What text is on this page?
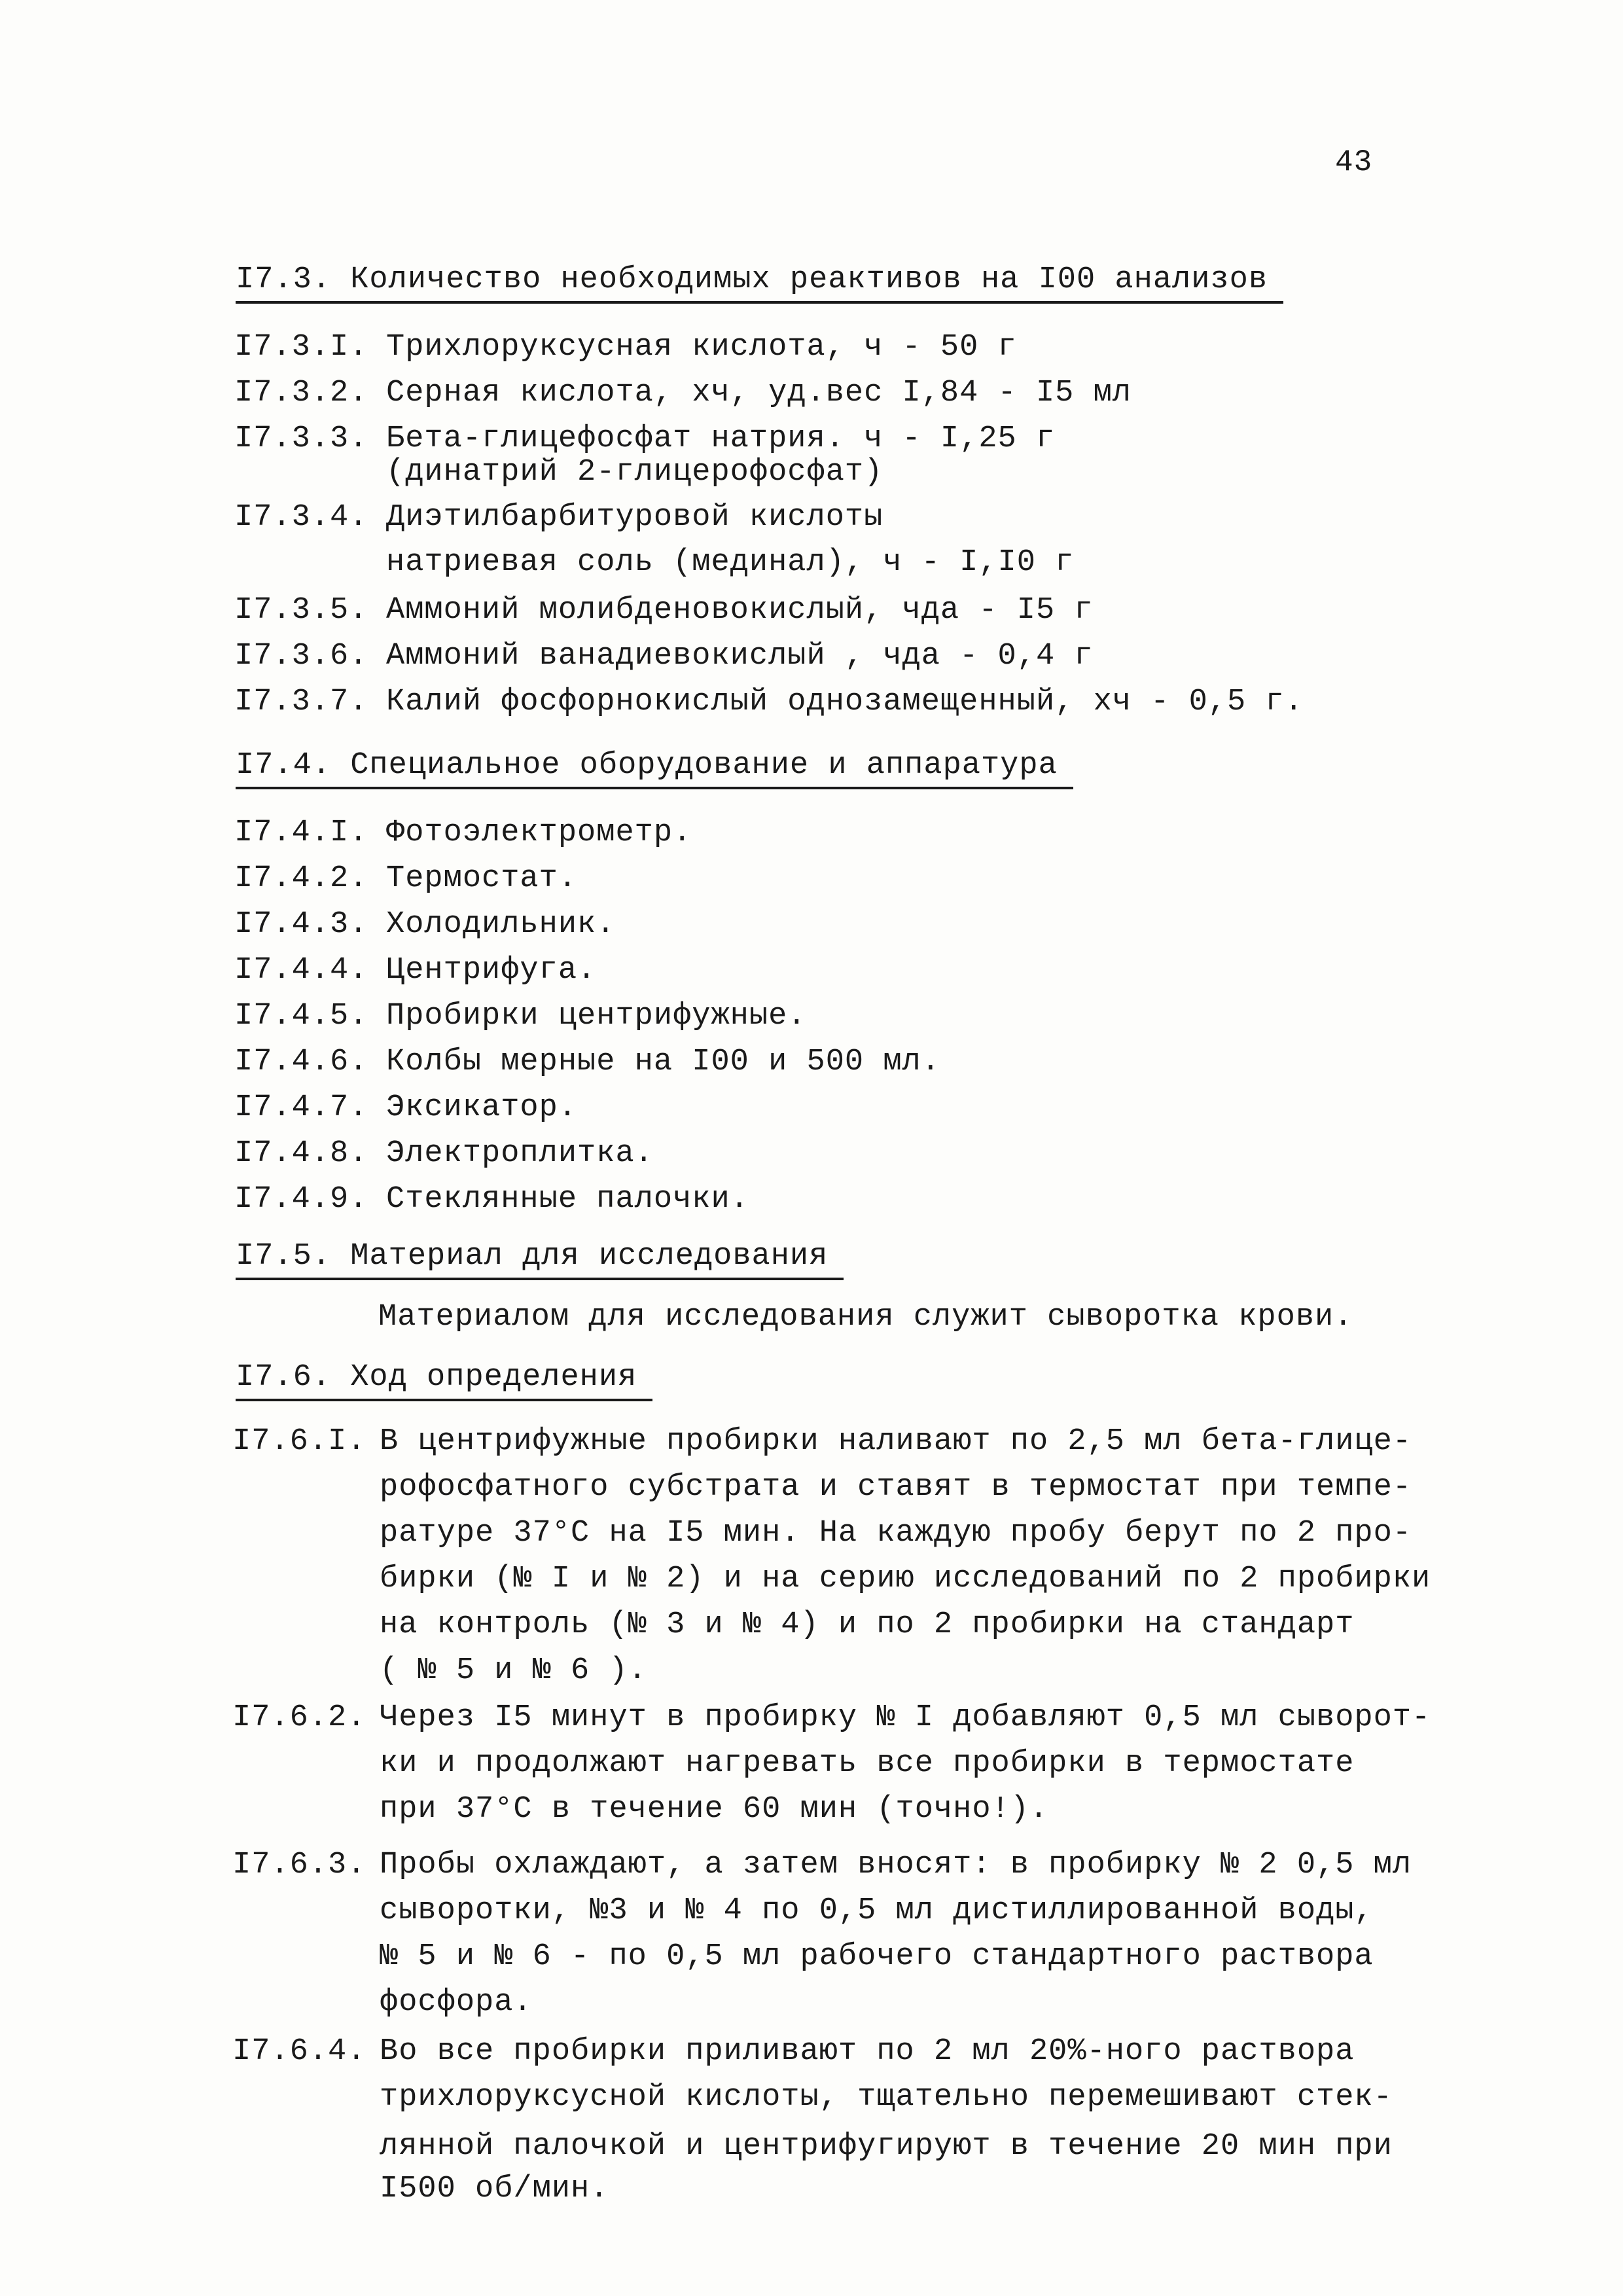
43
I7.3. Количество необходимых реактивов на I00 анализов
I7.3.I. Трихлоруксусная кислота, ч - 50 г
I7.3.2. Серная кислота, хч, уд.вес I,84 - I5 мл
I7.3.3. Бета-глицефосфат натрия. ч - I,25 г
(динатрий 2-глицерофосфат)
I7.3.4. Диэтилбарбитуровой кислоты
натриевая соль (мединал), ч - I,I0 г
I7.3.5. Аммоний молибденовокислый, чда - I5 г
I7.3.6. Аммоний ванадиевокислый , чда - 0,4 г
I7.3.7. Калий фосфорнокислый однозамещенный, хч - 0,5 г.
I7.4. Специальное оборудование и аппаратура
I7.4.I. Фотоэлектрометр.
I7.4.2. Термостат.
I7.4.3. Холодильник.
I7.4.4. Центрифуга.
I7.4.5. Пробирки центрифужные.
I7.4.6. Колбы мерные на I00 и 500 мл.
I7.4.7. Эксикатор.
I7.4.8. Электроплитка.
I7.4.9. Стеклянные палочки.
I7.5. Материал для исследования
Материалом для исследования служит сыворотка крови.
I7.6. Ход определения
I7.6.I. В центрифужные пробирки наливают по 2,5 мл бета-глице-
рофосфатного субстрата и ставят в термостат при темпе-
ратуре 37°С на I5 мин. На каждую пробу берут по 2 про-
бирки (№ I и № 2) и на серию исследований по 2 пробирки
на контроль (№ 3 и № 4) и по 2 пробирки на стандарт
( № 5 и № 6 ).
I7.6.2. Через I5 минут в пробирку № I добавляют 0,5 мл сыворот-
ки и продолжают нагревать все пробирки в термостате
при 37°С в течение 60 мин (точно!).
I7.6.3. Пробы охлаждают, а затем вносят: в пробирку № 2 0,5 мл
сыворотки, №3 и № 4 по 0,5 мл дистиллированной воды,
№ 5 и № 6 - по 0,5 мл рабочего стандартного раствора
фосфора.
I7.6.4. Во все пробирки приливают по 2 мл 20%-ного раствора
трихлоруксусной кислоты, тщательно перемешивают стек-
лянной палочкой и центрифугируют в течение 20 мин при
I500 об/мин.
